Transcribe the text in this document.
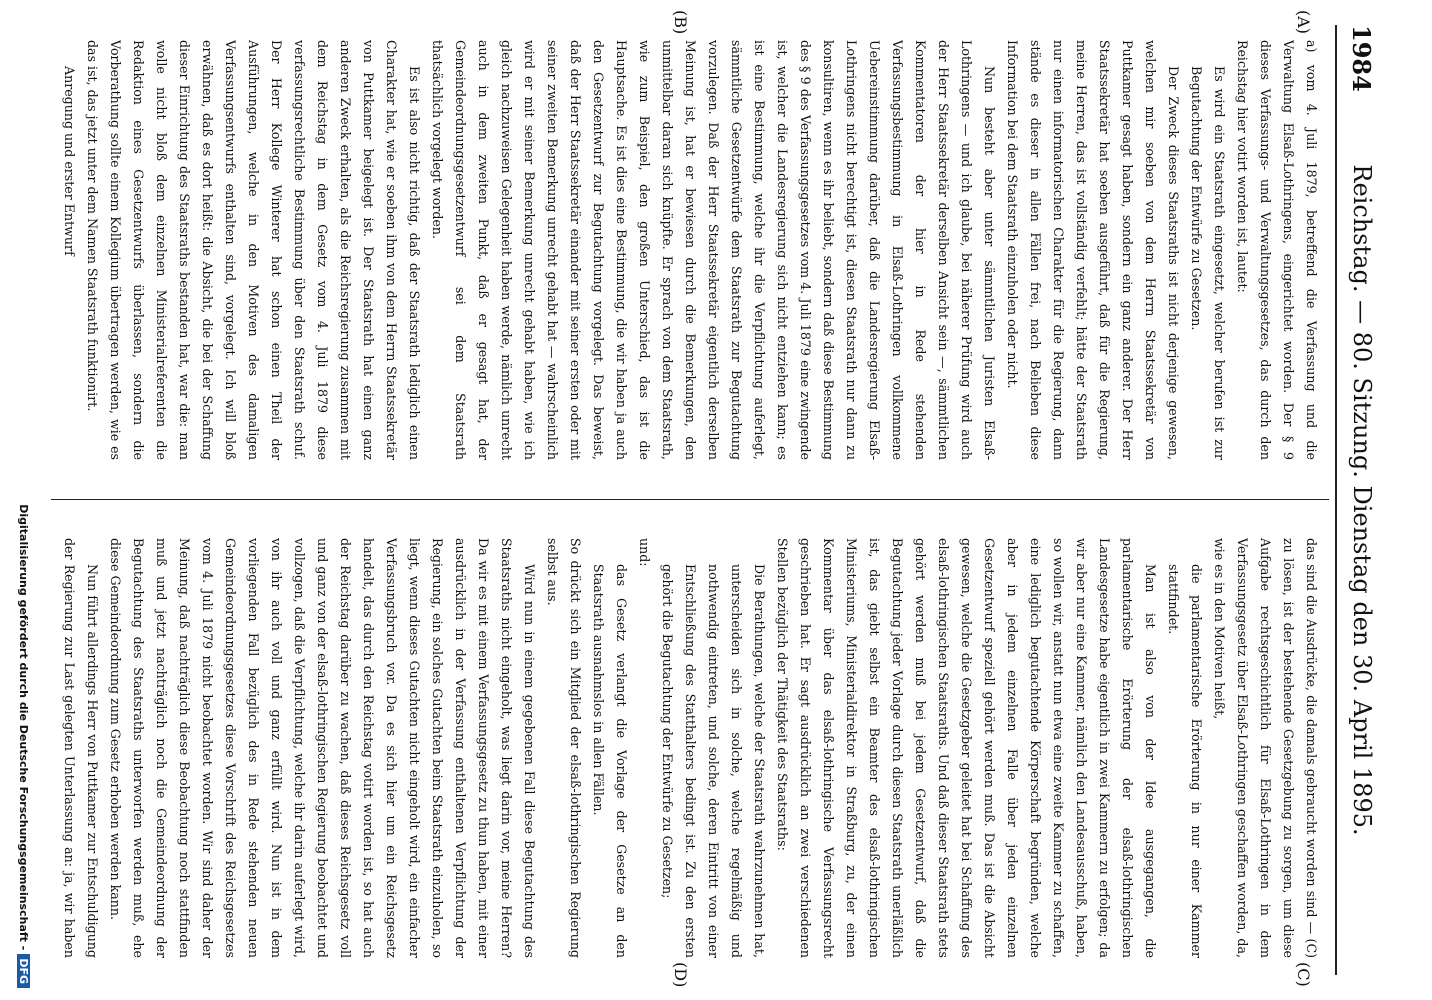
1984
Reichstag. — 80. Sitzung. Dienstag den 30. April 1895.
(A)
(B)
(C)
(D)

a) vom 4. Juli 1879, betreffend die Verfassung und die Verwaltung Elsaß-Lothringens, eingerichtet worden. Der § 9 dieses Verfassungs- und Verwaltungsgesetzes, das durch den Reichstag hier votirt worden ist, lautet:

Es wird ein Staatsrath eingesetzt, welcher berufen ist zur Begutachtung der Entwürfe zu Gesetzen.

Der Zweck dieses Staatsraths ist nicht derjenige gewesen, welchen mir soeben von dem Herrn Staatssekretär von Puttkamer gesagt haben, sondern ein ganz anderer. Der Herr Staatssekretär hat soeben ausgeführt, daß für die Regierung, meine Herren, das ist vollständig verfehlt; hätte der Staatsrath nur einen informatorischen Charakter für die Regierung, dann stände es dieser in allen Fällen frei, nach Belieben diese Information bei dem Staatsrath einzuholen oder nicht.

Nun besteht aber unter sämmtlichen Juristen Elsaß-Lothringens — und ich glaube, bei näherer Prüfung wird auch der Herr Staatssekretär derselben Ansicht sein —, sämmtlichen Kommentatoren der hier in Rede stehenden Verfassungsbestimmung in Elsaß-Lothringen vollkommene Uebereinstimmung darüber, daß die Landesregierung Elsaß-Lothringens nicht berechtigt ist, diesen Staatsrath nur dann zu konsultiren, wenn es ihr beliebt, sondern daß diese Bestimmung des § 9 des Verfassungsgesetzes vom 4. Juli 1879 eine zwingende ist, welcher die Landesregierung sich nicht entziehen kann; es ist eine Bestimmung, welche ihr die Verpflichtung auferlegt, sämmtliche Gesetzentwürfe dem Staatsrath zur Begutachtung vorzulegen. Daß der Herr Staatssekretär eigentlich derselben Meinung ist, hat er bewiesen durch die Bemerkungen, den unmittelbar daran sich knüpfte. Er sprach von dem Staatsrath, wie zum Beispiel, den großen Unterschied, das ist die Hauptsache. Es ist dies eine Bestimmung, die wir haben ja auch den Gesetzentwurf zur Begutachtung vorgelegt. Das beweist, daß der Herr Staatssekretär einander mit seiner ersten oder mit seiner zweiten Bemerkung unrecht gehabt hat — wahrscheinlich wird er mit seiner Bemerkung unrecht gehabt haben, wie ich gleich nachzuweisen Gelegenheit haben werde, nämlich unrecht auch in dem zweiten Punkt, daß er gesagt hat, der Gemeindeordnungsgesetzentwurf sei dem Staatsrath thatsächlich vorgelegt worden.

Es ist also nicht richtig, daß der Staatsrath lediglich einen Charakter hat, wie er soeben ihm von dem Herrn Staatssekretär von Puttkamer beigelegt ist. Der Staatsrath hat einen ganz anderen Zweck erhalten, als die Reichsregierung zusammen mit dem Reichstag in dem Gesetz vom 4. Juli 1879 diese verfassungsrechtliche Bestimmung über den Staatsrath schuf. Der Herr Kollege Winterer hat schon einen Theil der Ausführungen, welche in den Motiven des damaligen Verfassungsentwurfs enthalten sind, vorgelegt. Ich will bloß erwähnen, daß es dort heißt: die Absicht, die bei der Schaffung dieser Einrichtung des Staatsraths bestanden hat, war die: man wolle nicht bloß dem einzelnen Ministerialreferenten die Redaktion eines Gesetzentwurfs überlassen, sondern die Vorberathung sollte einem Kollegium übertragen werden, wie es das ist, das jetzt unter dem Namen Staatsrath funktionirt.

Anregung und erster Entwurf

das sind die Ausdrücke, die damals gebraucht worden sind — (C) zu lösen, ist der bestehende Gesetzgebung zu sorgen, um diese Aufgabe rechtsgeschichtlich für Elsaß-Lothringen in dem Verfassungsgesetz über Elsaß-Lothringen geschaffen worden, da, wie es in den Motiven heißt,

die parlamentarische Erörterung in nur einer Kammer stattfindet.

Man ist also von der Idee ausgegangen, die parlamentarische Erörterung der elsaß-lothringischen Landesgesetze habe eigentlich in zwei Kammern zu erfolgen; da wir aber nur eine Kammer, nämlich den Landesausschuß, haben, so wollen wir, anstatt nun etwa eine zweite Kammer zu schaffen, eine lediglich begutachtende Körperschaft begründen, welche aber in jedem einzelnen Falle über jeden einzelnen Gesetzentwurf speziell gehört werden muß. Das ist die Absicht gewesen, welche die Gesetzgeber geleitet hat bei Schaffung des elsaß-lothringischen Staatsraths. Und daß dieser Staatsrath stets gehört werden muß bei jedem Gesetzentwurf, daß die Begutachtung jeder Vorlage durch diesen Staatsrath unerläßlich ist, das giebt selbst ein Beamter des elsaß-lothringischen Ministeriums, Ministerialdirektor in Straßburg, zu, der einen Kommentar über das elsaß-lothringische Verfassungsrecht geschrieben hat. Er sagt ausdrücklich an zwei verschiedenen Stellen bezüglich der Thätigkeit des Staatsraths:

Die Berathungen, welche der Staatsrath wahrzunehmen hat, unterscheiden sich in solche, welche regelmäßig und nothwendig eintreten, und solche, deren Eintritt von einer Entschließung des Statthalters bedingt ist. Zu den ersten gehört die Begutachtung der Entwürfe zu Gesetzen;

und:

das Gesetz verlangt die Vorlage der Gesetze an den Staatsrath ausnahmslos in allen Fällen.

So drückt sich ein Mitglied der elsaß-lothringischen Regierung selbst aus.

Wird nun in einem gegebenen Fall diese Begutachtung des Staatsraths nicht eingeholt, was liegt darin vor, meine Herren? Da wir es mit einem Verfassungsgesetz zu thun haben, mit einer ausdrücklich in der Verfassung enthaltenen Verpflichtung der Regierung, ein solches Gutachten beim Staatsrath einzuholen, so liegt, wenn dieses Gutachten nicht eingeholt wird, ein einfacher Verfassungsbruch vor. Da es sich hier um ein Reichsgesetz handelt, das durch den Reichstag votirt worden ist, so hat auch der Reichstag darüber zu wachen, daß dieses Reichsgesetz voll und ganz von der elsaß-lothringischen Regierung beobachtet und vollzogen, daß die Verpflichtung, welche ihr darin auferlegt wird, von ihr auch voll und ganz erfüllt wird. Nun ist in dem vorliegenden Fall bezüglich des in Rede stehenden neuen Gemeindeordnungsgesetzes diese Vorschrift des Reichsgesetzes vom 4. Juli 1879 nicht beobachtet worden. Wir sind daher der Meinung, daß nachträglich diese Beobachtung noch stattfinden muß und jetzt nachträglich noch die Gemeindeordnung der Begutachtung des Staatsraths unterworfen werden muß, ehe diese Gemeindeordnung zum Gesetz erhoben werden kann.

Nun führt allerdings Herr von Puttkamer zur Entschuldigung der Regierung zur Last gelegten Unterlassung an: ja, wir haben

Digitalisierung gefördert durch die Deutsche Forschungsgemeinschaft -DFG
